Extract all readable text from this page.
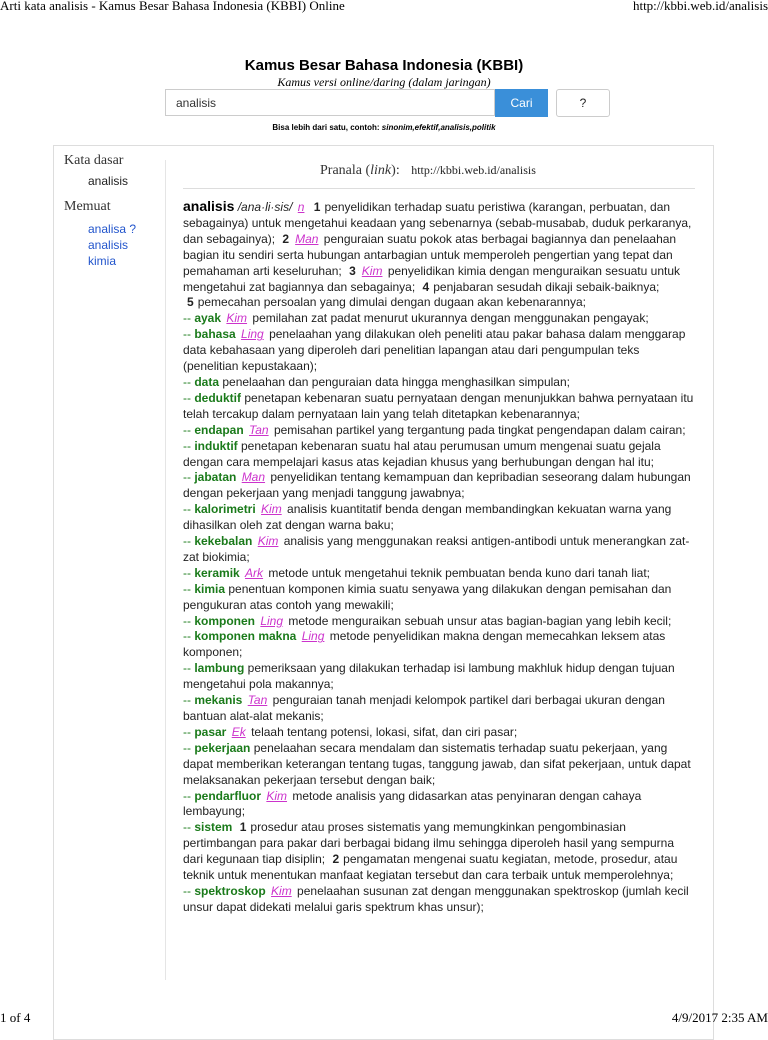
Arti kata analisis - Kamus Besar Bahasa Indonesia (KBBI) Online	http://kbbi.web.id/analisis
Kamus Besar Bahasa Indonesia (KBBI)
Kamus versi online/daring (dalam jaringan)
analisis	Cari	?
Bisa lebih dari satu, contoh: sinonim,efektif,analisis,politik
Kata dasar
analisis
Memuat
analisa ?
analisis
kimia
Pranala (link): http://kbbi.web.id/analisis

analisis /ana·li·sis/ n 1 penyelidikan terhadap suatu peristiwa (karangan, perbuatan, dan sebagainya) untuk mengetahui keadaan yang sebenarnya (sebab-musabab, duduk perkaranya, dan sebagainya); 2 Man penguraian suatu pokok atas berbagai bagiannya dan penelaahan bagian itu sendiri serta hubungan antarbagian untuk memperoleh pengertian yang tepat dan pemahaman arti keseluruhan; 3 Kim penyelidikan kimia dengan menguraikan sesuatu untuk mengetahui zat bagiannya dan sebagainya; 4 penjabaran sesudah dikaji sebaik-baiknya; 5 pemecahan persoalan yang dimulai dengan dugaan akan kebenarannya;

-- ayak Kim pemilahan zat padat menurut ukurannya dengan menggunakan pengayak;

-- bahasa Ling penelaahan yang dilakukan oleh peneliti atau pakar bahasa dalam menggarap data kebahasaan yang diperoleh dari penelitian lapangan atau dari pengumpulan teks (penelitian kepustakaan);

-- data penelaahan dan penguraian data hingga menghasilkan simpulan;

-- deduktif penetapan kebenaran suatu pernyataan dengan menunjukkan bahwa pernyataan itu telah tercakup dalam pernyataan lain yang telah ditetapkan kebenarannya;

-- endapan Tan pemisahan partikel yang tergantung pada tingkat pengendapan dalam cairan;

-- induktif penetapan kebenaran suatu hal atau perumusan umum mengenai suatu gejala dengan cara mempelajari kasus atas kejadian khusus yang berhubungan dengan hal itu;

-- jabatan Man penyelidikan tentang kemampuan dan kepribadian seseorang dalam hubungan dengan pekerjaan yang menjadi tanggung jawabnya;

-- kalorimetri Kim analisis kuantitatif benda dengan membandingkan kekuatan warna yang dihasilkan oleh zat dengan warna baku;

-- kekebalan Kim analisis yang menggunakan reaksi antigen-antibodi untuk menerangkan zat-zat biokimia;

-- keramik Ark metode untuk mengetahui teknik pembuatan benda kuno dari tanah liat;

-- kimia penentuan komponen kimia suatu senyawa yang dilakukan dengan pemisahan dan pengukuran atas contoh yang mewakili;

-- komponen Ling metode menguraikan sebuah unsur atas bagian-bagian yang lebih kecil;

-- komponen makna Ling metode penyelidikan makna dengan memecahkan leksem atas komponen;

-- lambung pemeriksaan yang dilakukan terhadap isi lambung makhluk hidup dengan tujuan mengetahui pola makannya;

-- mekanis Tan penguraian tanah menjadi kelompok partikel dari berbagai ukuran dengan bantuan alat-alat mekanis;

-- pasar Ek telaah tentang potensi, lokasi, sifat, dan ciri pasar;

-- pekerjaan penelaahan secara mendalam dan sistematis terhadap suatu pekerjaan, yang dapat memberikan keterangan tentang tugas, tanggung jawab, dan sifat pekerjaan, untuk dapat melaksanakan pekerjaan tersebut dengan baik;

-- pendarfluor Kim metode analisis yang didasarkan atas penyinaran dengan cahaya lembayung;

-- sistem 1 prosedur atau proses sistematis yang memungkinkan pengombinasian pertimbangan para pakar dari berbagai bidang ilmu sehingga diperoleh hasil yang sempurna dari kegunaan tiap disiplin; 2 pengamatan mengenai suatu kegiatan, metode, prosedur, atau teknik untuk menentukan manfaat kegiatan tersebut dan cara terbaik untuk memperolehnya;

-- spektroskop Kim penelaahan susunan zat dengan menggunakan spektroskop (jumlah kecil unsur dapat didekati melalui garis spektrum khas unsur);

1 of 4	4/9/2017 2:35 AM
